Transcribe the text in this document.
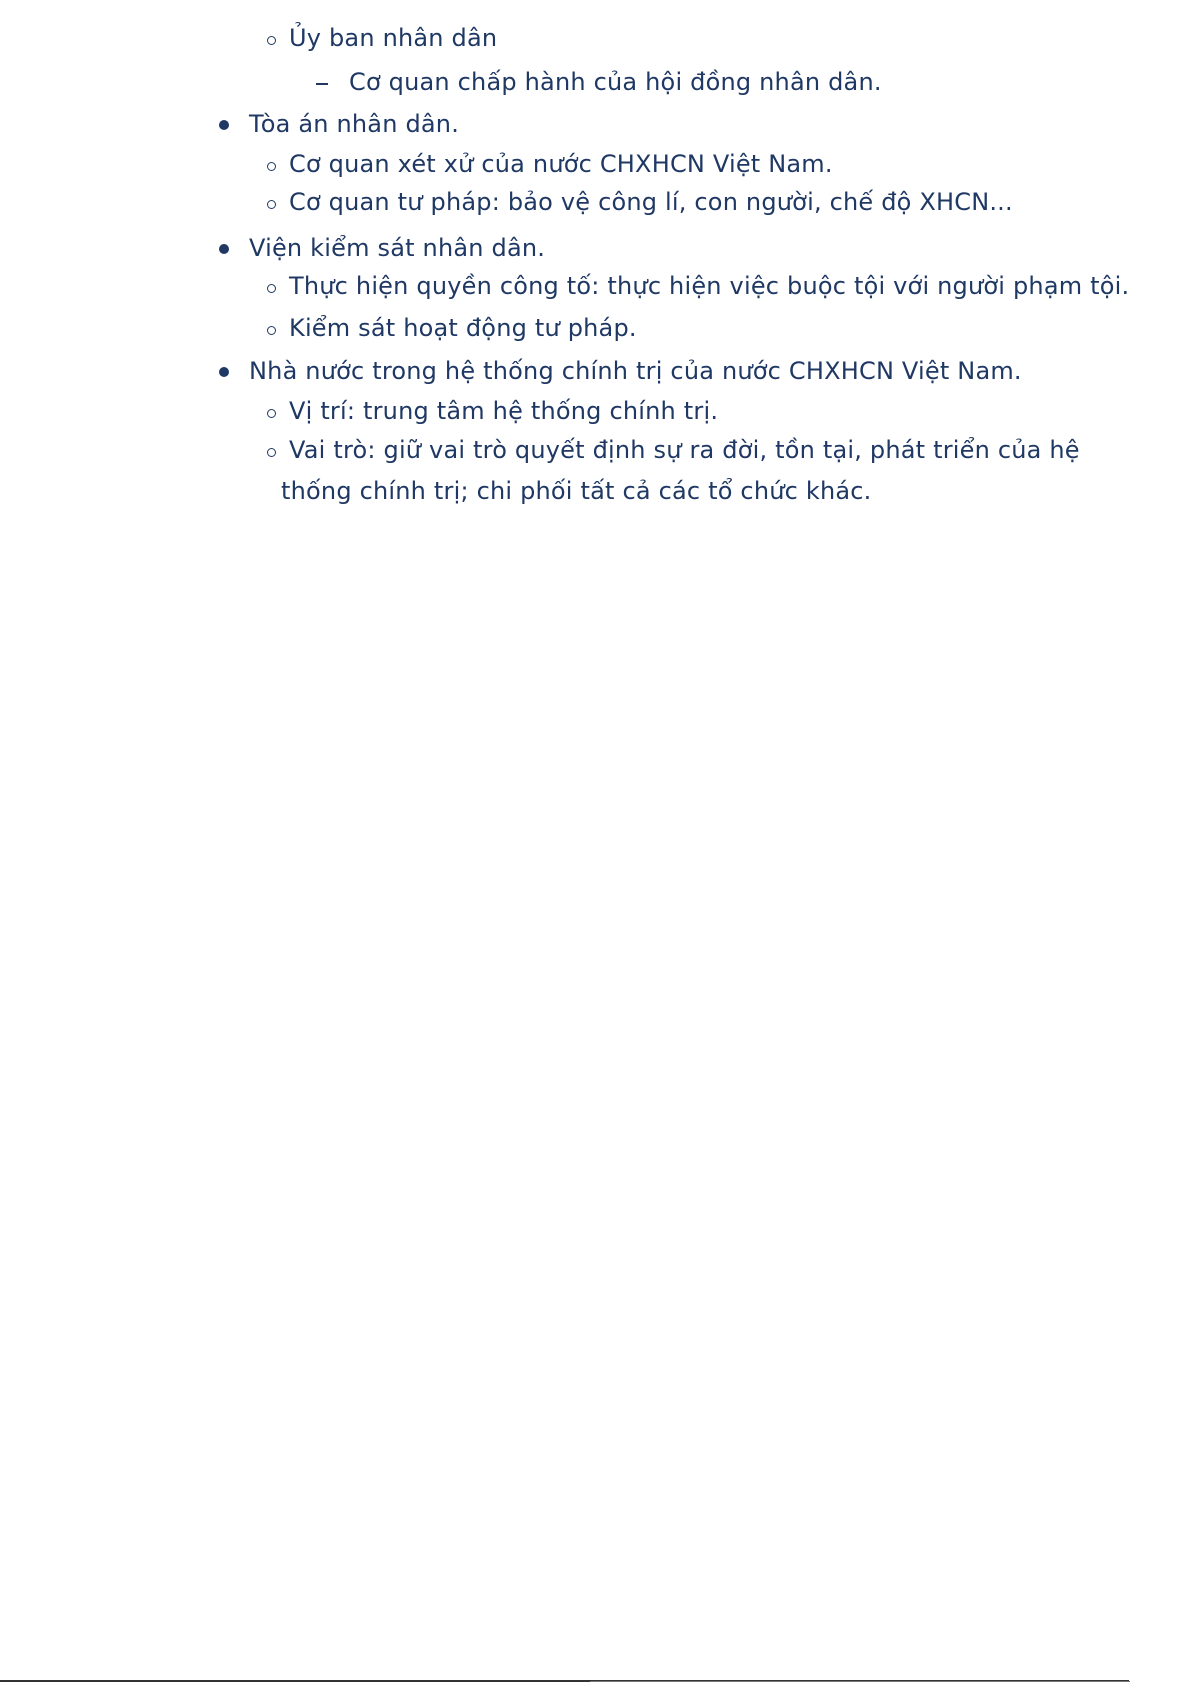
Ủy ban nhân dân
Cơ quan chấp hành của hội đồng nhân dân.
Tòa án nhân dân.
Cơ quan xét xử của nước CHXHCN Việt Nam.
Cơ quan tư pháp: bảo vệ công lí, con người, chế độ XHCN...
Viện kiểm sát nhân dân.
Thực hiện quyền công tố: thực hiện việc buộc tội với người phạm tội.
Kiểm sát hoạt động tư pháp.
Nhà nước trong hệ thống chính trị của nước CHXHCN Việt Nam.
Vị trí: trung tâm hệ thống chính trị.
Vai trò: giữ vai trò quyết định sự ra đời, tồn tại, phát triển của hệ
thống chính trị; chi phối tất cả các tổ chức khác.
